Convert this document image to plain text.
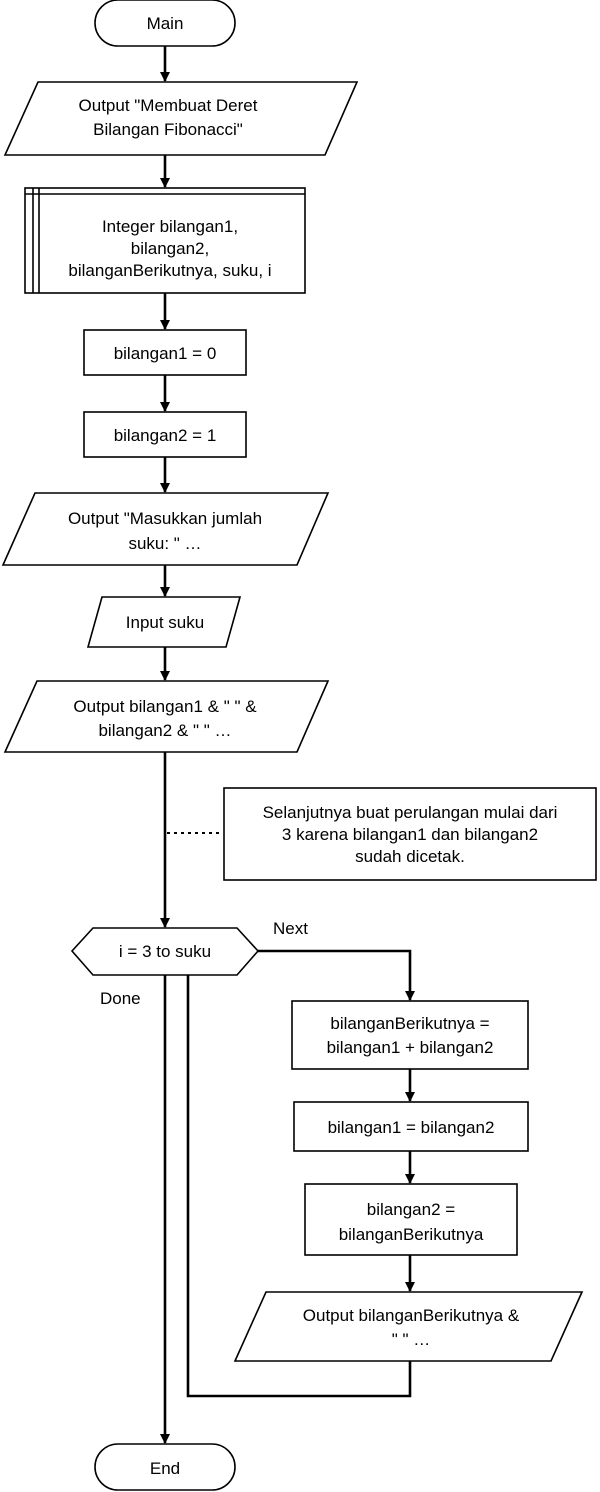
Main
Output "Membuat Deret
Bilangan Fibonacci"
Integer bilangan1,
bilangan2,
bilanganBerikutnya, suku, i
bilangan1 = 0
bilangan2 = 1
Output "Masukkan jumlah
suku: " …
Input suku
Output bilangan1 & " " &
bilangan2 & " " …
Selanjutnya buat perulangan mulai dari
3 karena bilangan1 dan bilangan2
sudah dicetak.
i = 3 to suku
Next
Done
bilanganBerikutnya =
bilangan1 + bilangan2
bilangan1 = bilangan2
bilangan2 =
bilanganBerikutnya
Output bilanganBerikutnya &
" " …
End
